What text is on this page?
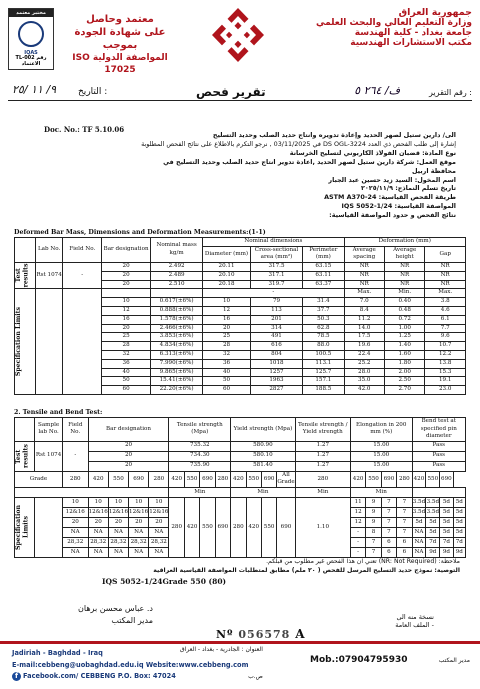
جمهورية العراق
وزارة التعليم العالي والبحث العلمي
جامعة بغداد - كلية الهندسة
مكتب الاستشارات الهندسية
مختبر معتمد
IQAS
TL-002 رقم الاعتماد
معتمد وحاصل
على شهادة الجودة بموجب
المواصفة الدولية ISO 17025
رقم التقرير :
ف/ ٢٦٤ ٥
تقرير فحص
التاريخ :
٩/ ١١ /٢٥
Doc. No.: TF 5.10.06
الى/ دارين ستيل لصهر الحديد وإعادة تدويره وانتاج حديد الصلب وحديد التسليح
إشارة إلى طلب الفحص ذي العدد DS OGL-3224 في 03/11/2025 , نرجو التكرم بالاطلاع على نتائج الفحص المطلوبة
نوع المادة: قضبان الفولاذ الكاربوني لتسليح الخرسانة
موقع العمل: شركة دارين ستيل لصهر الحديد ,اعادة تدوير انتاج حديد الصلب وحديد التسليح في محافظة اربيل
اسم المخول: السيد زيد حسين عبد الجبار
تاريخ تسلم النماذج: ٢٠٢٥/١١/٩
طريقة الفحص القياسية: ASTM A370-24
المواصفة القياسية: IQS 5052-1/24
نتائج الفحص و حدود المواصفة القياسية:
Deformed Bar Mass, Dimensions and Deformation Measurements:(1-1)
	Lab No.	Field No.	Bar designation	Nominal mass kg/m	Nominal dimensions			Deformation (mm)		
					Diameter (mm)	Cross-sectional area (mm²)	Perimeter (mm)	Average spacing	Average height	Gap

Test results	Rst 1074	-	20	2.492	20.11	317.5	63.15	NR	NR	NR
			20	2.489	20.10	317.1	63.11	NR	NR	NR
			20	2.510	20.18	319.7	63.37	NR	NR	NR

Specification Limits					-			Max.	Min.	Max.
			10	0.617(±6%)	10	79	31.4	7.0	0.40	3.8
			12	0.888(±6%)	12	113	37.7	8.4	0.48	4.6
			16	1.578(±6%)	16	201	50.3	11.2	0.72	6.1
			20	2.466(±6%)	20	314	62.8	14.0	1.00	7.7
			25	3.853(±6%)	25	491	78.5	17.5	1.25	9.6
			28	4.834(±6%)	28	616	88.0	19.6	1.40	10.7
			32	6.313(±6%)	32	804	100.5	22.4	1.60	12.2
			36	7.990(±6%)	36	1018	113.1	25.2	1.80	13.8
			40	9.865(±6%)	40	1257	125.7	28.0	2.00	15.3
			50	15.41(±6%)	50	1963	157.1	35.0	2.50	19.1
			60	22.20(±6%)	60	2827	188.5	42.0	2.70	23.0
2. Tensile and Bend Test:
	Sample lab No.	Field No.	Bar designation				Tensile strength (Mpa)				Yield strength (Mpa)				Tensile strength / Yield strength	Elongation in 200 mm (%)				Bend test at specified pin diameter			

Test results	Rst 1074	-	20				735.32				580.90				1.27	15.00				Pass			
			20				734.30				580.10				1.27	15.00				Pass			
			20				735.90				581.40				1.27	15.00				Pass			
Grade		280	420	550	690	280	420	550	690	280	420	550	690	All Grade	280	420	550	690	280	420	550	690	
							Min				Min				Min	Min							

Specification Limits		10	10	10	10	10	280	420	550	690	280	420	550	690	1.10	11	9	7	7	3.5d	3.5d	5d	5d
		12&16	12&16	12&16	12&16	12&16										12	9	7	7	3.5d	3.5d	5d	5d
		20	20	20	20	20										12	9	7	7	5d	5d	5d	5d
		NA	NA	NA	NA	NA										-	8	7	7	NA	5d	5d	5d
		28,32	28,32	28,32	28,32	28,32										-	7	6	6	NA	7d	7d	7d
		NA	NA	NA	NA	NA										-	7	6	6	NA	9d	9d	9d
ملاحظة: (NR: Not Required) تعني ان هذا الفحص غير مطلوب من قبلكم.
التوصية: نموذج حديد التسليح المرسل للفحص ( ٢٠ ملم) مطابق لمتطلبات المواصفة القياسية العراقية
IQS 5052-1/24Grade 550 (80)
د. عباس محسن برهان
مدير المكتب	نسخة منه الى
- الملف العامة
Nº 056578 A
Jadiriah - Baghdad - Iraq
E-mail:cebbeng@uobaghdad.edu.iq Website:www.cebbeng.com
f Facebook.com/ CEBBENG P.O. Box: 47024
العنوان : الجادرية - بغداد - العراق
ص.ب
Mob.:07904795930	مدير المكتب
